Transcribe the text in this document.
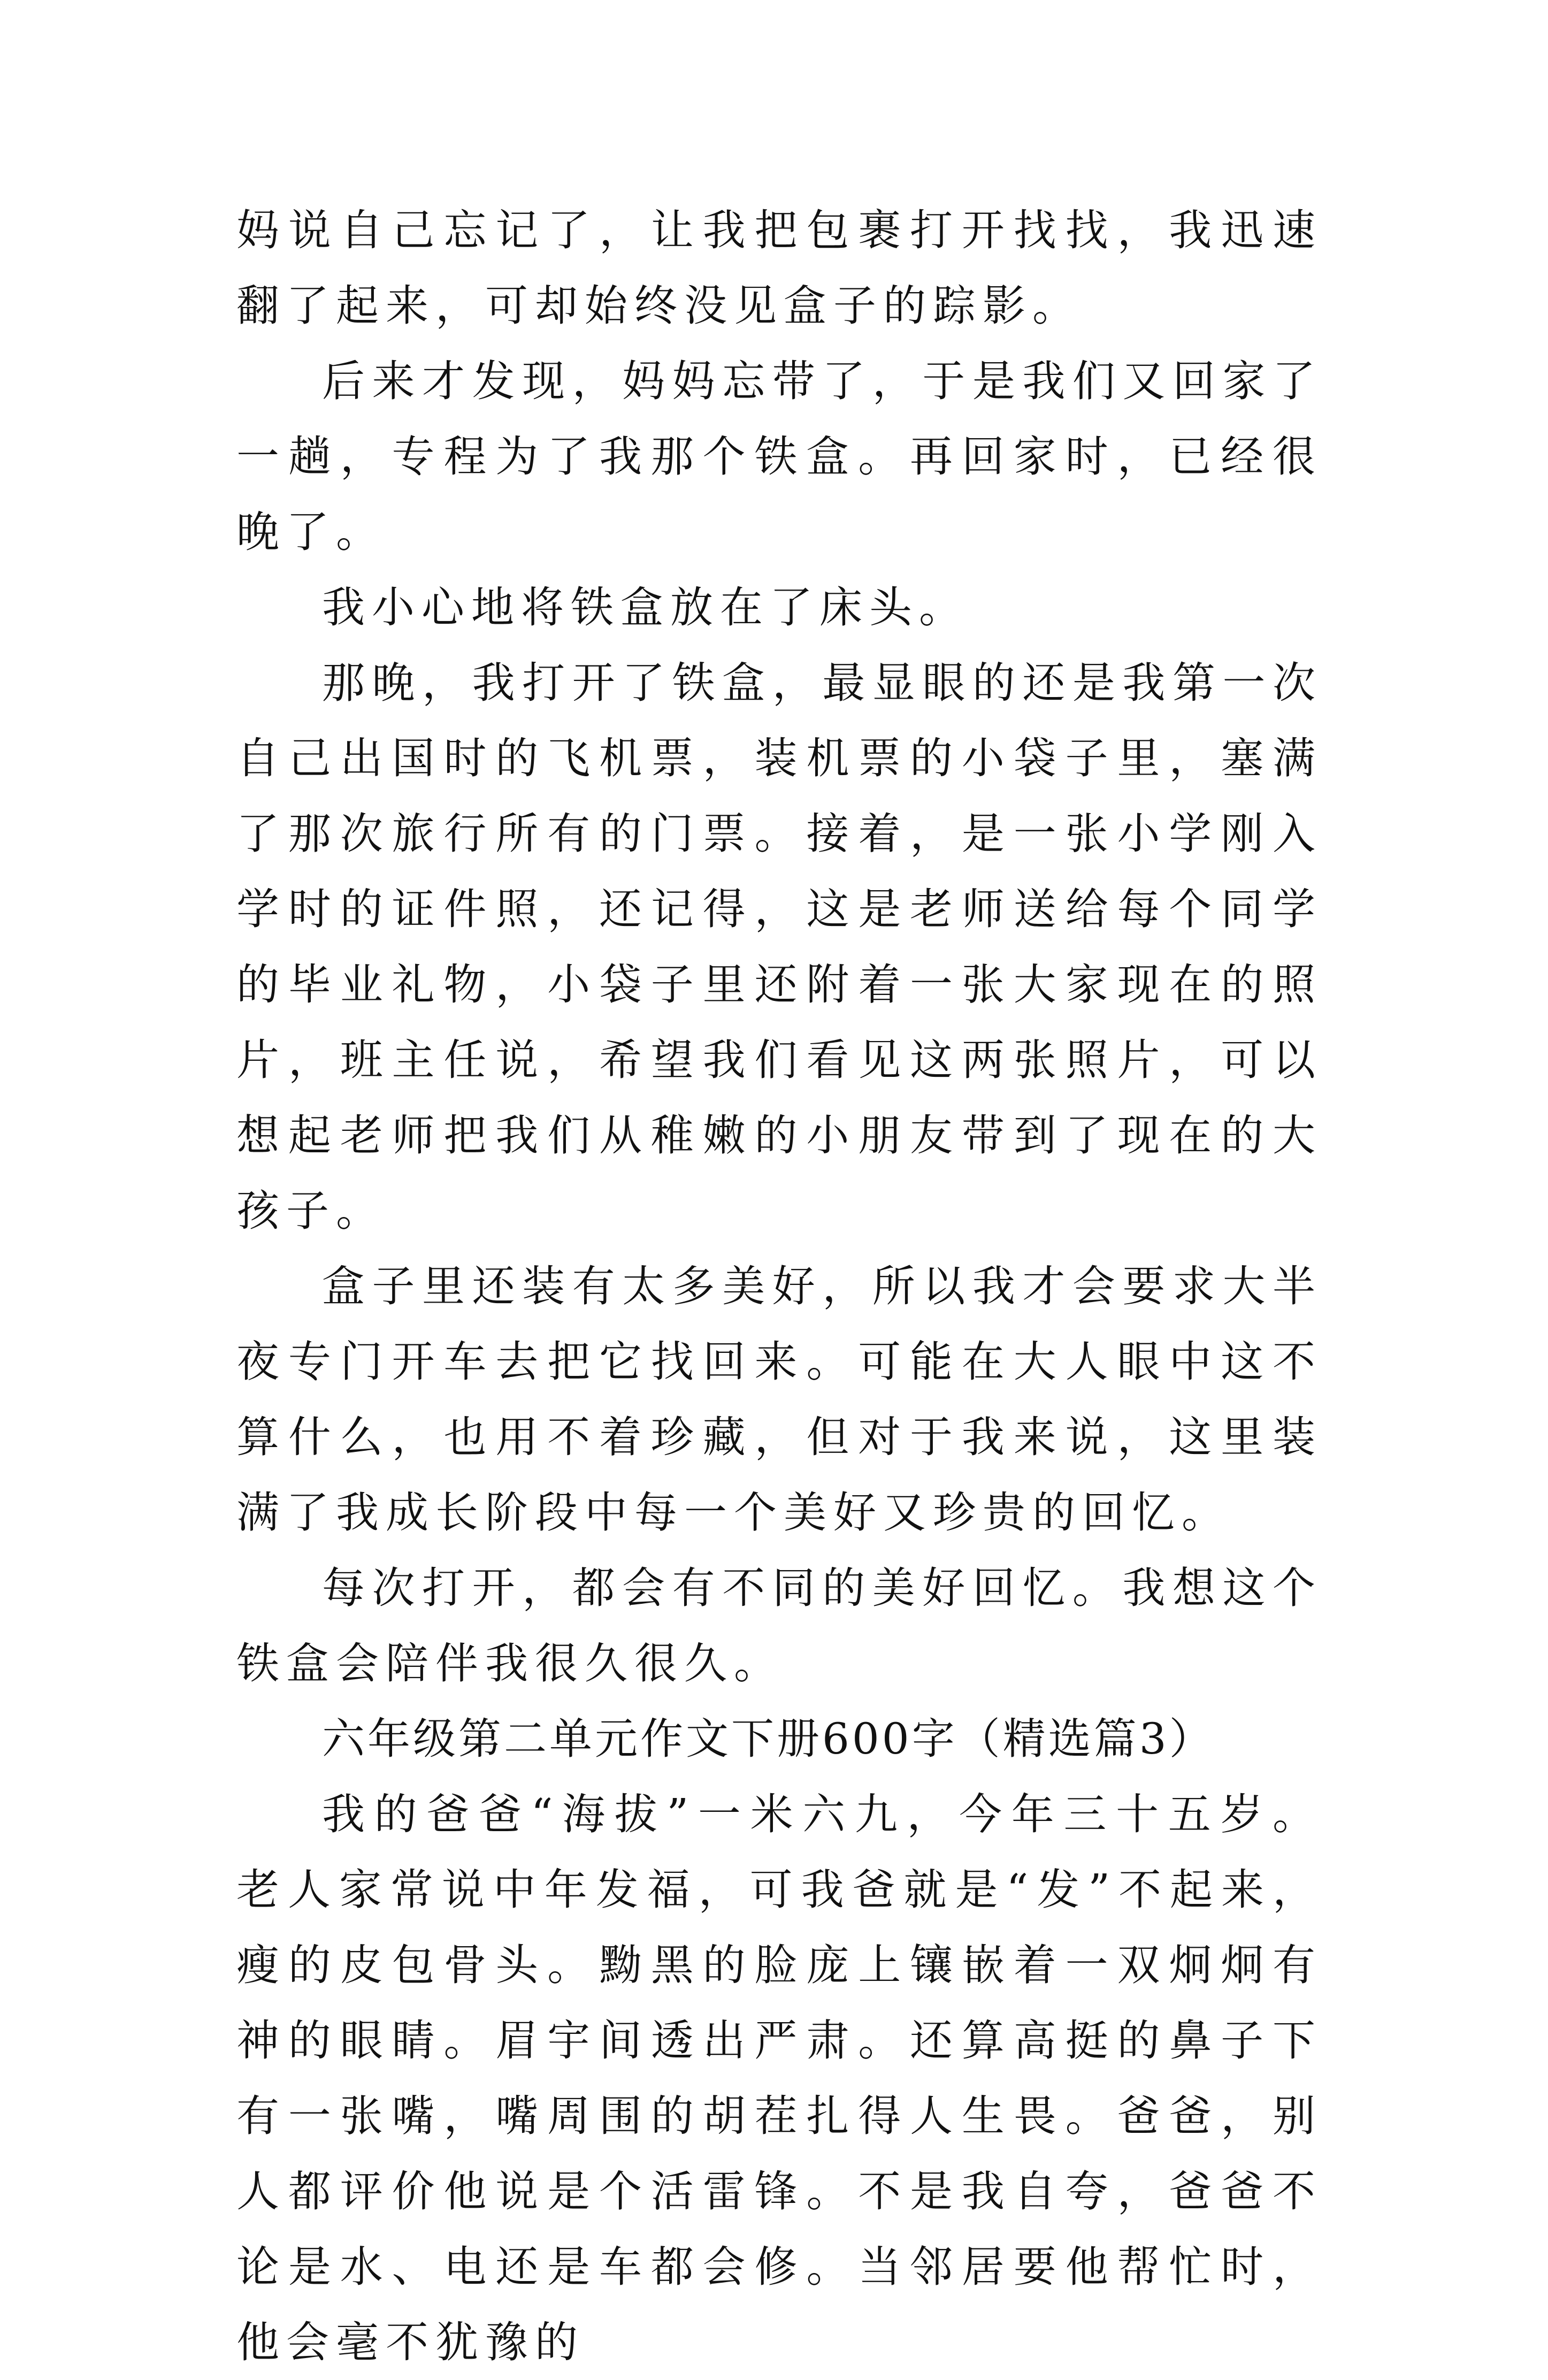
妈说自己忘记了，让我把包裹打开找找，我迅速翻了起来，可却始终没见盒子的踪影。

后来才发现，妈妈忘带了，于是我们又回家了一趟，专程为了我那个铁盒。再回家时，已经很晚了。

我小心地将铁盒放在了床头。

那晚，我打开了铁盒，最显眼的还是我第一次自己出国时的飞机票，装机票的小袋子里，塞满了那次旅行所有的门票。接着，是一张小学刚入学时的证件照，还记得，这是老师送给每个同学的毕业礼物，小袋子里还附着一张大家现在的照片，班主任说，希望我们看见这两张照片，可以想起老师把我们从稚嫩的小朋友带到了现在的大孩子。

盒子里还装有太多美好，所以我才会要求大半夜专门开车去把它找回来。可能在大人眼中这不算什么，也用不着珍藏，但对于我来说，这里装满了我成长阶段中每一个美好又珍贵的回忆。

每次打开，都会有不同的美好回忆。我想这个铁盒会陪伴我很久很久。

六年级第二单元作文下册600字（精选篇3）

我的爸爸“海拔”一米六九，今年三十五岁。老人家常说中年发福，可我爸就是“发”不起来，瘦的皮包骨头。黝黑的脸庞上镶嵌着一双炯炯有神的眼睛。眉宇间透出严肃。还算高挺的鼻子下有一张嘴，嘴周围的胡茬扎得人生畏。爸爸，别人都评价他说是个活雷锋。不是我自夸，爸爸不论是水、电还是车都会修。当邻居要他帮忙时，他会毫不犹豫的
